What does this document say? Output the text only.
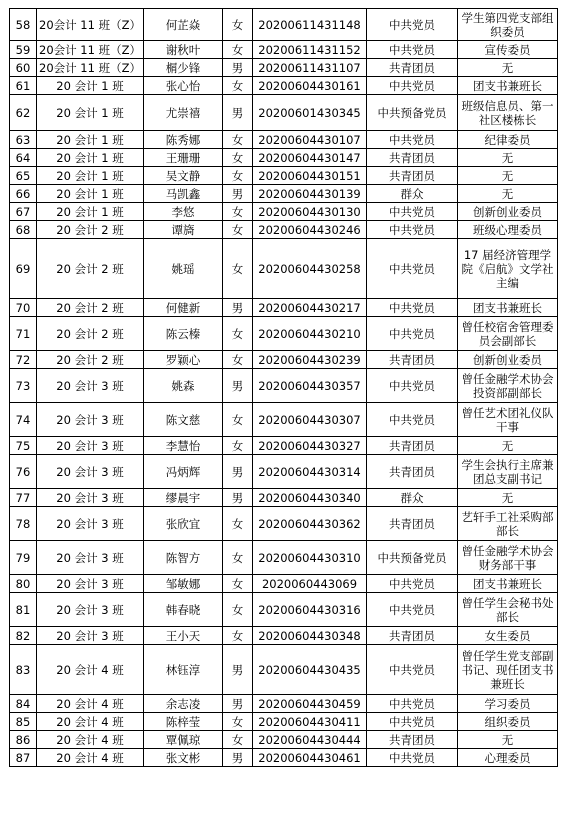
58	20会计 11 班（Z）	何芷焱	女	20200611431148	中共党员	学生第四党支部组织委员
59	20会计 11 班（Z）	谢秋叶	女	20200611431152	中共党员	宣传委员
60	20会计 11 班（Z）	榍少锋	男	20200611431107	共青团员	无
61	20 会计 1 班	张心怡	女	20200604430161	中共党员	团支书兼班长
62	20 会计 1 班	尤崇禧	男	20200601430345	中共预备党员	班级信息员、第一社区楼栋长
63	20 会计 1 班	陈秀娜	女	20200604430107	中共党员	纪律委员
64	20 会计 1 班	王珊珊	女	20200604430147	共青团员	无
65	20 会计 1 班	吴文静	女	20200604430151	共青团员	无
66	20 会计 1 班	马凯鑫	男	20200604430139	群众	无
67	20 会计 1 班	李悠	女	20200604430130	中共党员	创新创业委员
68	20 会计 2 班	谭旖	女	20200604430246	中共党员	班级心理委员
69	20 会计 2 班	姚瑶	女	20200604430258	中共党员	17 届经济管理学院《启航》文学社主编
70	20 会计 2 班	何健新	男	20200604430217	中共党员	团支书兼班长
71	20 会计 2 班	陈云榛	女	20200604430210	中共党员	曾任校宿舍管理委员会副部长
72	20 会计 2 班	罗颖心	女	20200604430239	共青团员	创新创业委员
73	20 会计 3 班	姚森	男	20200604430357	中共党员	曾任金融学术协会投资部副部长
74	20 会计 3 班	陈文慈	女	20200604430307	中共党员	曾任艺术团礼仪队干事
75	20 会计 3 班	李慧怡	女	20200604430327	共青团员	无
76	20 会计 3 班	冯炳辉	男	20200604430314	共青团员	学生会执行主席兼团总支副书记
77	20 会计 3 班	缪晨宇	男	20200604430340	群众	无
78	20 会计 3 班	张欣宜	女	20200604430362	共青团员	艺轩手工社采购部部长
79	20 会计 3 班	陈智方	女	20200604430310	中共预备党员	曾任金融学术协会财务部干事
80	20 会计 3 班	邹敏娜	女	2020060443069	中共党员	团支书兼班长
81	20 会计 3 班	韩春晓	女	20200604430316	中共党员	曾任学生会秘书处部长
82	20 会计 3 班	王小天	女	20200604430348	共青团员	女生委员
83	20 会计 4 班	林钰淳	男	20200604430435	中共党员	曾任学生党支部副书记、现任团支书兼班长
84	20 会计 4 班	余志凌	男	20200604430459	中共党员	学习委员
85	20 会计 4 班	陈梓莹	女	20200604430411	中共党员	组织委员
86	20 会计 4 班	覃佩琼	女	20200604430444	共青团员	无
87	20 会计 4 班	张文彬	男	20200604430461	中共党员	心理委员
